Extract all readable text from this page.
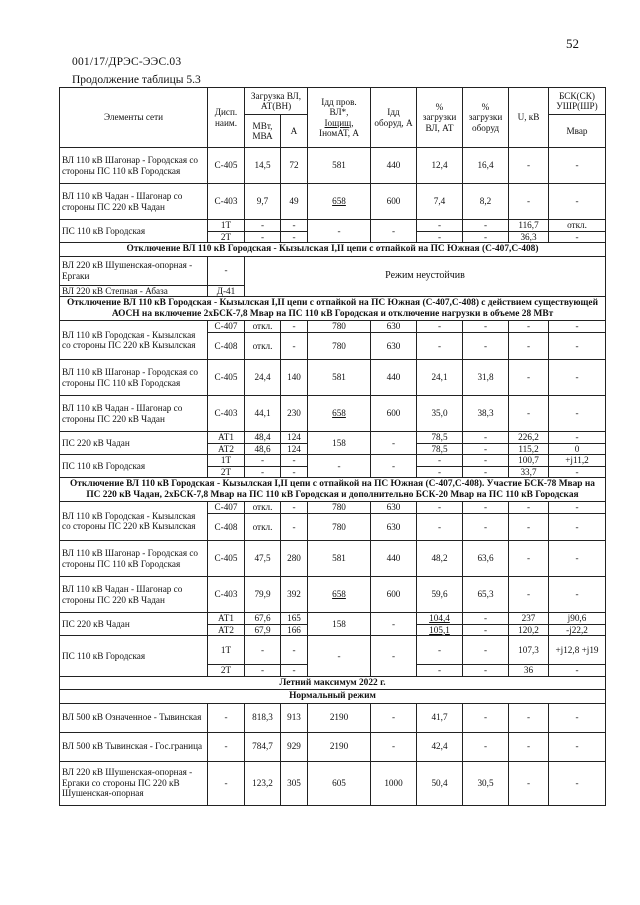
52
001/17/ДРЭС-ЭЭС.03
Продолжение таблицы 5.3
Элементы сети	Дисп. наим.	Загрузка ВЛ, АТ(ВН)		Iдд пров.
ВЛ*,
Iощищ,
IномАТ, А	Iдд оборуд, А	% загрузки ВЛ, АТ	% загрузки оборуд	U, кВ	БСК(СК) УШР(ШР)
		МВт, МВА	А						Мвар
ВЛ 110 кВ Шагонар - Городская со стороны ПС 110 кВ Городская	С-405	14,5	72	581	440	12,4	16,4	-	-
ВЛ 110 кВ Чадан - Шагонар со стороны ПС 220 кВ Чадан	С-403	9,7	49	658	600	7,4	8,2	-	-
ПС 110 кВ Городская	1Т	-	-	-	-	-	-	116,7	откл.
	2Т	-	-			-	-	36,3	-
Отключение ВЛ 110 кВ Городская - Кызылская I,II цепи с отпайкой на ПС Южная (С-407,С-408)									
ВЛ 220 кВ Шушенская-опорная - Ергаки	-	Режим неустойчив							
ВЛ 220 кВ Степная - Абаза	Д-41								
Отключение ВЛ 110 кВ Городская - Кызылская I,II цепи с отпайкой на ПС Южная (С-407,С-408) с действием существующей АОСН на включение 2хБСК-7,8 Мвар на ПС 110 кВ Городская и отключение нагрузки в объеме 28 МВт									
ВЛ 110 кВ Городская - Кызылская со стороны ПС 220 кВ Кызылская	С-407	откл.	-	780	630	-	-	-	-
	С-408	откл.	-	780	630	-	-	-	-
ВЛ 110 кВ Шагонар - Городская со стороны ПС 110 кВ Городская	С-405	24,4	140	581	440	24,1	31,8	-	-
ВЛ 110 кВ Чадан - Шагонар со стороны ПС 220 кВ Чадан	С-403	44,1	230	658	600	35,0	38,3	-	-
ПС 220 кВ Чадан	АТ1	48,4	124	158	-	78,5	-	226,2	-
	АТ2	48,6	124			78,5	-	115,2	0
ПС 110 кВ Городская	1Т	-	-	-	-	-	-	100,7	+j11,2
	2Т	-	-			-	-	33,7	-
Отключение ВЛ 110 кВ Городская - Кызылская I,II цепи с отпайкой на ПС Южная (С-407,С-408). Участие БСК-78 Мвар на ПС 220 кВ Чадан, 2хБСК-7,8 Мвар на ПС 110 кВ Городская и дополнительно БСК-20 Мвар на ПС 110 кВ Городская									
ВЛ 110 кВ Городская - Кызылская со стороны ПС 220 кВ Кызылская	С-407	откл.	-	780	630	-	-	-	-
	С-408	откл.	-	780	630	-	-	-	-
ВЛ 110 кВ Шагонар - Городская со стороны ПС 110 кВ Городская	С-405	47,5	280	581	440	48,2	63,6	-	-
ВЛ 110 кВ Чадан - Шагонар со стороны ПС 220 кВ Чадан	С-403	79,9	392	658	600	59,6	65,3	-	-
ПС 220 кВ Чадан	АТ1	67,6	165	158	-	104,4	-	237	j90,6
	АТ2	67,9	166			105,1	-	120,2	-j22,2
ПС 110 кВ Городская	1Т	-	-	-	-	-	-	107,3	+j12,8 +j19
	2Т	-	-			-	-	36	-
Летний максимум 2022 г.									
Нормальный режим									
ВЛ 500 кВ Означенное - Тывинская	-	818,3	913	2190	-	41,7	-	-	-
ВЛ 500 кВ Тывинская - Гос.граница	-	784,7	929	2190	-	42,4	-	-	-
ВЛ 220 кВ Шушенская-опорная - Ергаки со стороны ПС 220 кВ Шушенская-опорная	-	123,2	305	605	1000	50,4	30,5	-	-
